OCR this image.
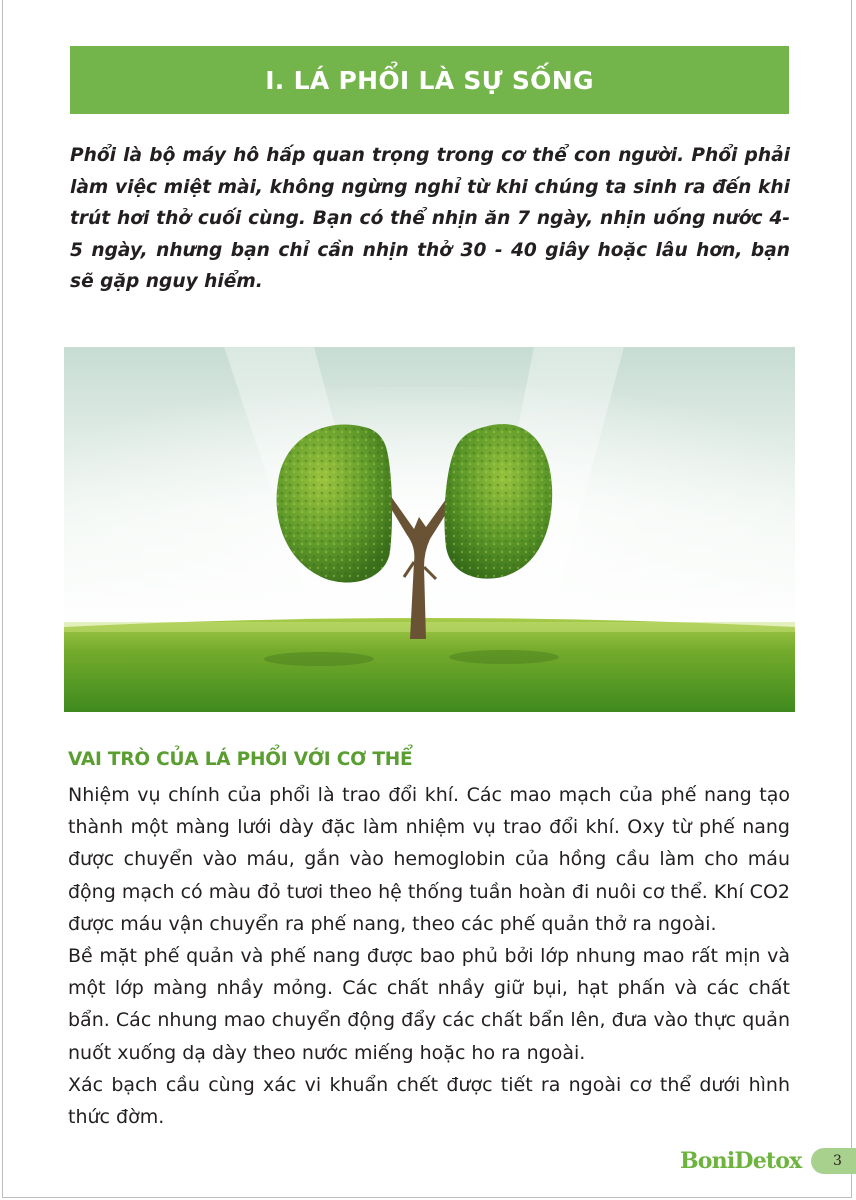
I. LÁ PHỔI LÀ SỰ SỐNG

Phổi là bộ máy hô hấp quan trọng trong cơ thể con người. Phổi phải làm việc miệt mài, không ngừng nghỉ từ khi chúng ta sinh ra đến khi trút hơi thở cuối cùng. Bạn có thể nhịn ăn 7 ngày, nhịn uống nước 4-5 ngày, nhưng bạn chỉ cần nhịn thở 30 - 40 giây hoặc lâu hơn, bạn sẽ gặp nguy hiểm.

VAI TRÒ CỦA LÁ PHỔI VỚI CƠ THỂ

Nhiệm vụ chính của phổi là trao đổi khí. Các mao mạch của phế nang tạo thành một màng lưới dày đặc làm nhiệm vụ trao đổi khí. Oxy từ phế nang được chuyển vào máu, gắn vào hemoglobin của hồng cầu làm cho máu động mạch có màu đỏ tươi theo hệ thống tuần hoàn đi nuôi cơ thể. Khí CO2 được máu vận chuyển ra phế nang, theo các phế quản thở ra ngoài.

Bề mặt phế quản và phế nang được bao phủ bởi lớp nhung mao rất mịn và một lớp màng nhầy mỏng. Các chất nhầy giữ bụi, hạt phấn và các chất bẩn. Các nhung mao chuyển động đẩy các chất bẩn lên, đưa vào thực quản nuốt xuống dạ dày theo nước miếng hoặc ho ra ngoài.

Xác bạch cầu cùng xác vi khuẩn chết được tiết ra ngoài cơ thể dưới hình thức đờm.

BoniDetox	3
